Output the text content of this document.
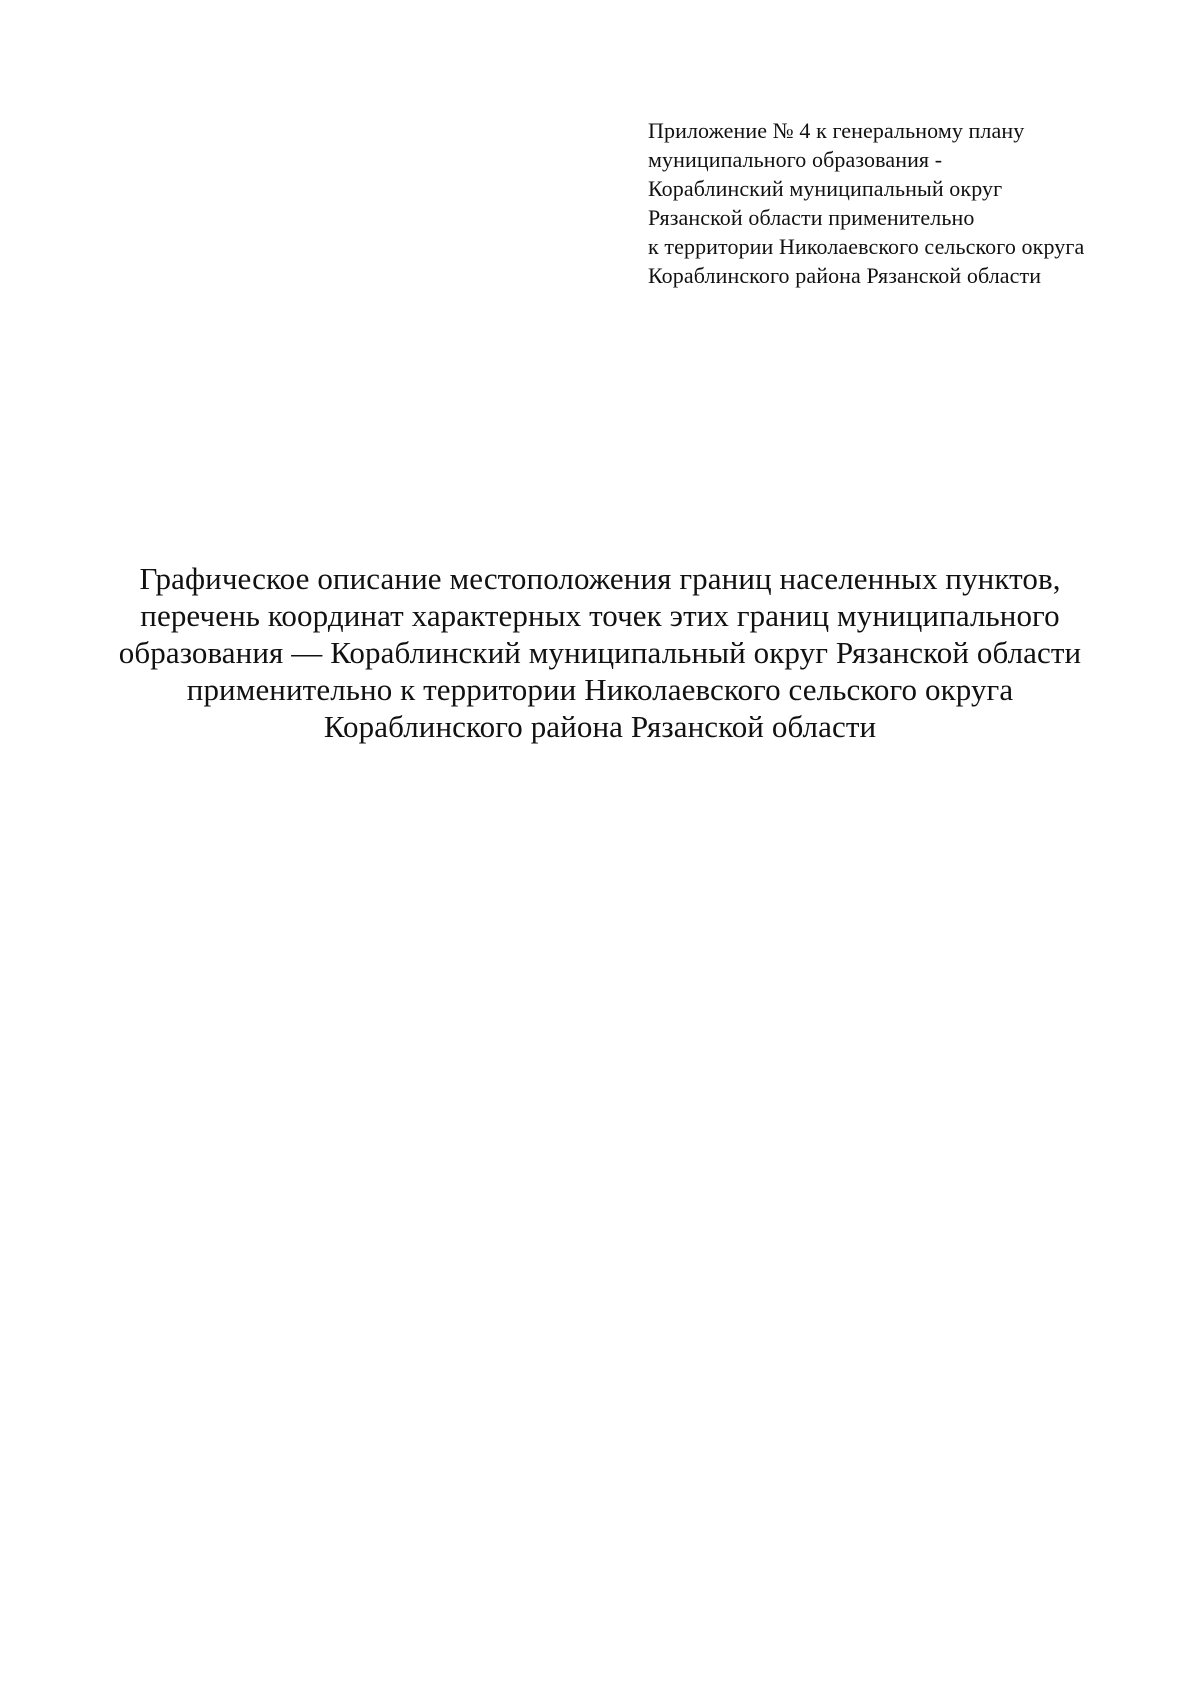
Приложение № 4 к генеральному плану
муниципального образования -
Кораблинский муниципальный округ
Рязанской области применительно
к территории Николаевского сельского округа
Кораблинского района Рязанской области
Графическое описание местоположения границ населенных пунктов,
перечень координат характерных точек этих границ муниципального
образования — Кораблинский муниципальный округ Рязанской области
применительно к территории Николаевского сельского округа
Кораблинского района Рязанской области
